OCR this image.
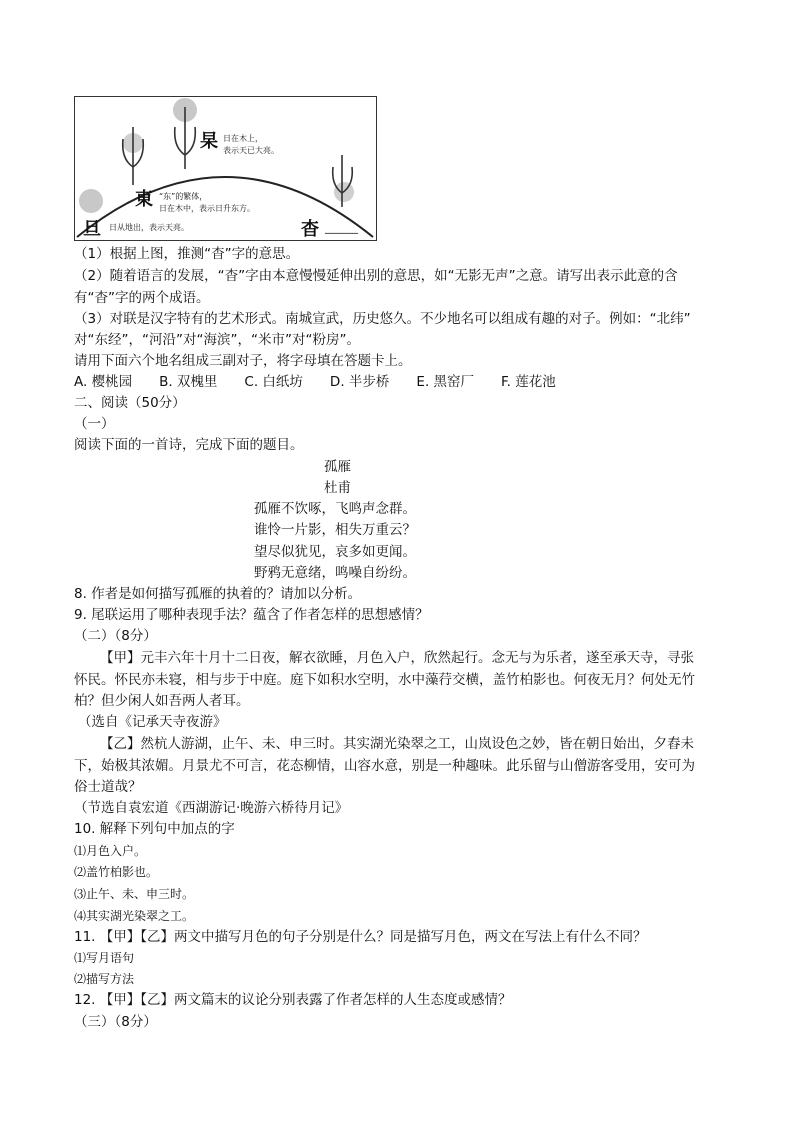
杲 日在木上，
表示天已大亮。
東 “东”的繁体，
日在木中，表示日升东方。
旦 日从地出，表示天亮。	杳 ______
（1）根据上图，推测“杳”字的意思。
（2）随着语言的发展，“杳”字由本意慢慢延伸出别的意思，如“无影无声”之意。请写出表示此意的含
有“杳”字的两个成语。
（3）对联是汉字特有的艺术形式。南城宣武，历史悠久。不少地名可以组成有趣的对子。例如：“北纬”
对“东经”，“河沿”对“海滨”，“米市”对“粉房”。
请用下面六个地名组成三副对子，将字母填在答题卡上。
A. 樱桃园　　B. 双槐里　　C. 白纸坊　　D. 半步桥　　E. 黑窑厂　　F. 莲花池
二、阅读（50分）
（一）
阅读下面的一首诗，完成下面的题目。
孤雁
杜甫
孤雁不饮啄，飞鸣声念群。
谁怜一片影，相失万重云？
望尽似犹见，哀多如更闻。
野鸦无意绪，鸣噪自纷纷。
8. 作者是如何描写孤雁的执着的？请加以分析。
9. 尾联运用了哪种表现手法？蕴含了作者怎样的思想感情？
（二）（8分）
【甲】元丰六年十月十二日夜，解衣欲睡，月色入户，欣然起行。念无与为乐者，遂至承天寺，寻张
怀民。怀民亦未寝，相与步于中庭。庭下如积水空明，水中藻荇交横，盖竹柏影也。何夜无月？何处无竹
柏？但少闲人如吾两人者耳。
（选自《记承天寺夜游》
【乙】然杭人游湖，止午、未、申三时。其实湖光染翠之工，山岚设色之妙，皆在朝日始出，夕舂未
下，始极其浓媚。月景尤不可言，花态柳情，山容水意，别是一种趣味。此乐留与山僧游客受用，安可为
俗士道哉？
（节选自袁宏道《西湖游记·晚游六桥待月记》
10. 解释下列句中加点的字
⑴月色入户。
⑵盖竹柏影也。
⑶止午、未、申三时。
⑷其实湖光染翠之工。
11. 【甲】【乙】两文中描写月色的句子分别是什么？同是描写月色，两文在写法上有什么不同？
⑴写月语句
⑵描写方法
12. 【甲】【乙】两文篇末的议论分别表露了作者怎样的人生态度或感情？
（三）（8分）
